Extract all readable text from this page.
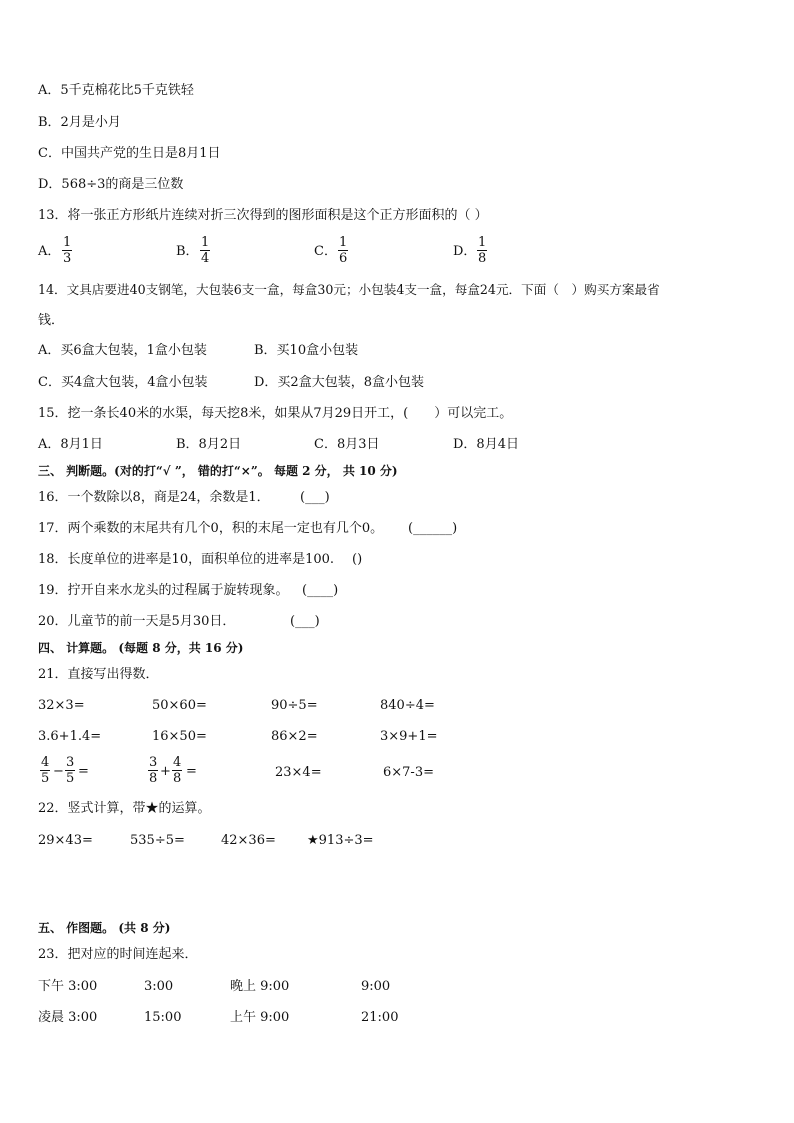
A．5千克棉花比5千克铁轻
B．2月是小月
C．中国共产党的生日是8月1日
D．568÷3的商是三位数
13．将一张正方形纸片连续对折三次得到的图形面积是这个正方形面积的（ ）
A． $\frac{1}{3}$	B． $\frac{1}{4}$	C． $\frac{1}{6}$	D． $\frac{1}{8}$
14．文具店要进40支钢笔，大包装6支一盒，每盒30元；小包装4支一盒，每盒24元．下面（　）购买方案最省
钱．
A．买6盒大包装，1盒小包装	B．买10盒小包装
C．买4盒大包装，4盒小包装	D．买2盒大包装，8盒小包装
15．挖一条长40米的水渠，每天挖8米，如果从7月29日开工，(　　）可以完工。
A．8月1日	B．8月2日	C．8月3日	D．8月4日
三、 判断题。(对的打“√ ”， 错的打“×”。 每题 2 分， 共 10 分)
16．一个数除以8，商是24，余数是1． (___)
17．两个乘数的末尾共有几个0，积的末尾一定也有几个0。 (______)
18．长度单位的进率是10，面积单位的进率是100. ()
19．拧开自来水龙头的过程属于旋转现象。 (____)
20．儿童节的前一天是5月30日．	(___)
四、 计算题。 (每题 8 分，共 16 分)
21．直接写出得数．
32×3=	50×60=	90÷5=	840÷4=
3.6+1.4=	16×50=	86×2=	3×9+1=
$\frac{4}{5} - \frac{3}{5}$ =	$\frac{3}{8} + \frac{4}{8}$ =	23×4=	6×7-3=
22．竖式计算，带★的运算。
29×43=	535÷5=	42×36= ★913÷3=
五、 作图题。 (共 8 分)
23．把对应的时间连起来．
下午 3:00	3:00	晚上 9:00	9:00
凌晨 3:00	15:00	上午 9:00	21:00
